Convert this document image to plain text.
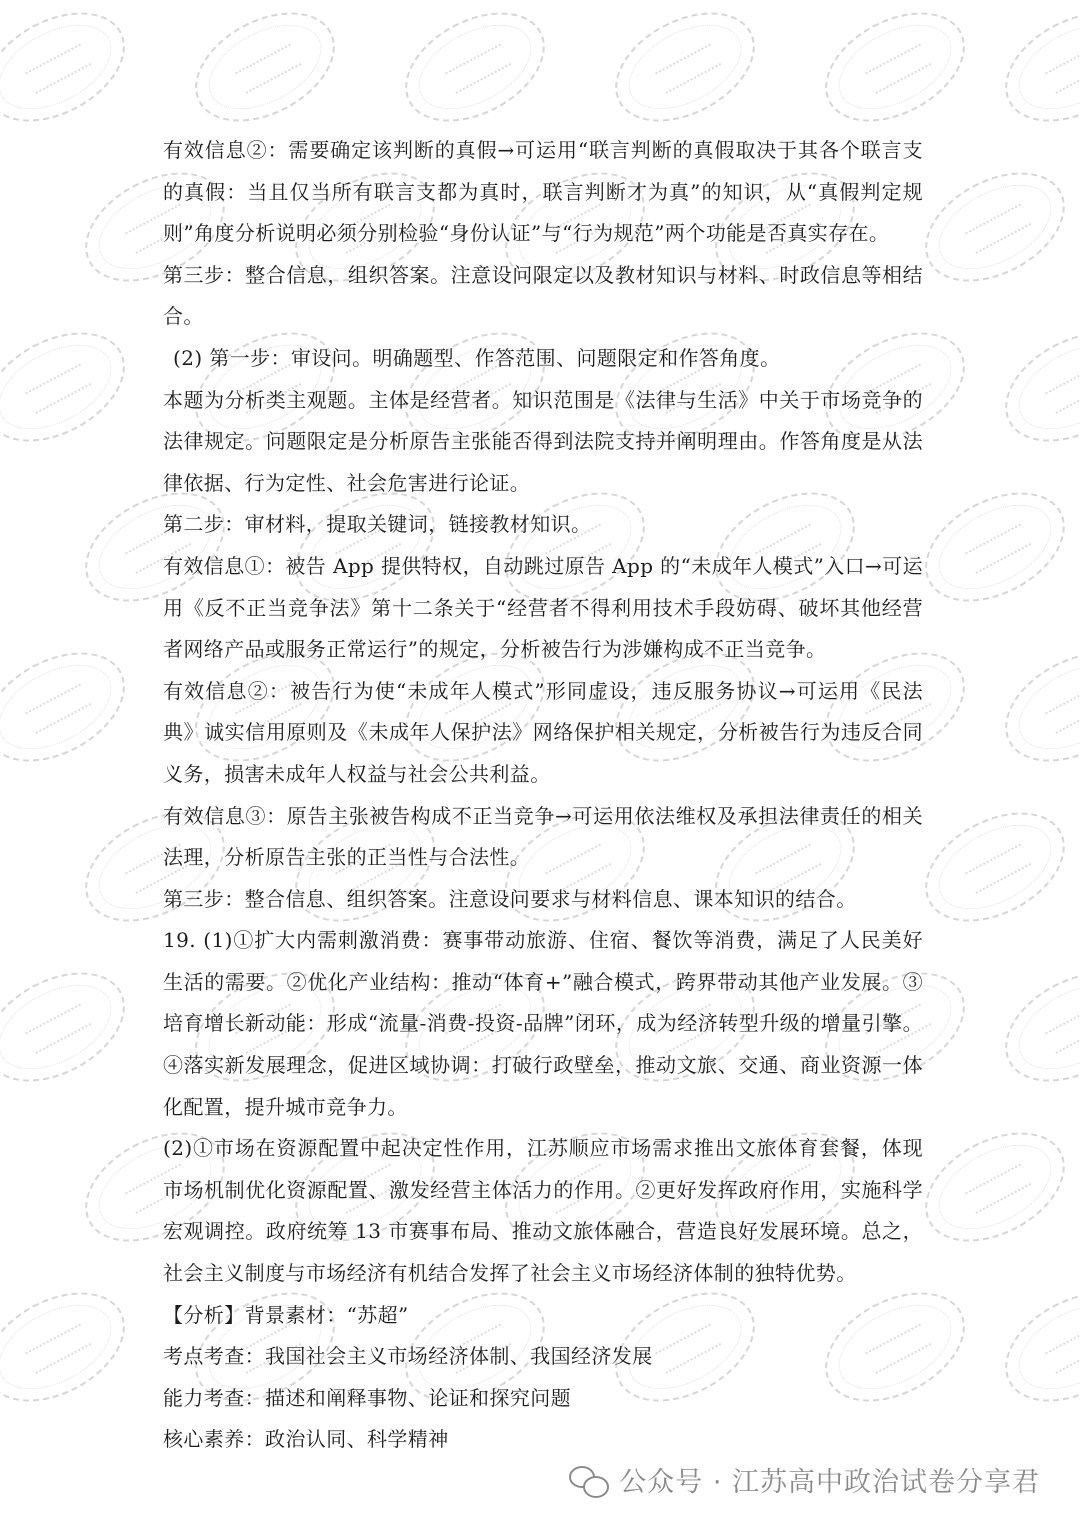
有效信息②：需要确定该判断的真假→可运用“联言判断的真假取决于其各个联言支的真假：当且仅当所有联言支都为真时，联言判断才为真”的知识，从“真假判定规则”角度分析说明必须分别检验“身份认证”与“行为规范”两个功能是否真实存在。

第三步：整合信息，组织答案。注意设问限定以及教材知识与材料、时政信息等相结合。

(2) 第一步：审设问。明确题型、作答范围、问题限定和作答角度。

本题为分析类主观题。主体是经营者。知识范围是《法律与生活》中关于市场竞争的法律规定。问题限定是分析原告主张能否得到法院支持并阐明理由。作答角度是从法律依据、行为定性、社会危害进行论证。

第二步：审材料，提取关键词，链接教材知识。

有效信息①：被告 App 提供特权，自动跳过原告 App 的“未成年人模式”入口→可运用《反不正当竞争法》第十二条关于“经营者不得利用技术手段妨碍、破坏其他经营者网络产品或服务正常运行”的规定，分析被告行为涉嫌构成不正当竞争。

有效信息②：被告行为使“未成年人模式”形同虚设，违反服务协议→可运用《民法典》诚实信用原则及《未成年人保护法》网络保护相关规定，分析被告行为违反合同义务，损害未成年人权益与社会公共利益。

有效信息③：原告主张被告构成不正当竞争→可运用依法维权及承担法律责任的相关法理，分析原告主张的正当性与合法性。

第三步：整合信息、组织答案。注意设问要求与材料信息、课本知识的结合。

19. (1)①扩大内需刺激消费：赛事带动旅游、住宿、餐饮等消费，满足了人民美好生活的需要。②优化产业结构：推动“体育+”融合模式，跨界带动其他产业发展。③培育增长新动能：形成“流量-消费-投资-品牌”闭环，成为经济转型升级的增量引擎。④落实新发展理念，促进区域协调：打破行政壁垒，推动文旅、交通、商业资源一体化配置，提升城市竞争力。

(2)①市场在资源配置中起决定性作用，江苏顺应市场需求推出文旅体育套餐，体现市场机制优化资源配置、激发经营主体活力的作用。②更好发挥政府作用，实施科学宏观调控。政府统筹 13 市赛事布局、推动文旅体融合，营造良好发展环境。总之，社会主义制度与市场经济有机结合发挥了社会主义市场经济体制的独特优势。

【分析】背景素材：“苏超”

考点考查：我国社会主义市场经济体制、我国经济发展

能力考查：描述和阐释事物、论证和探究问题

核心素养：政治认同、科学精神

公众号 · 江苏高中政治试卷分享君
